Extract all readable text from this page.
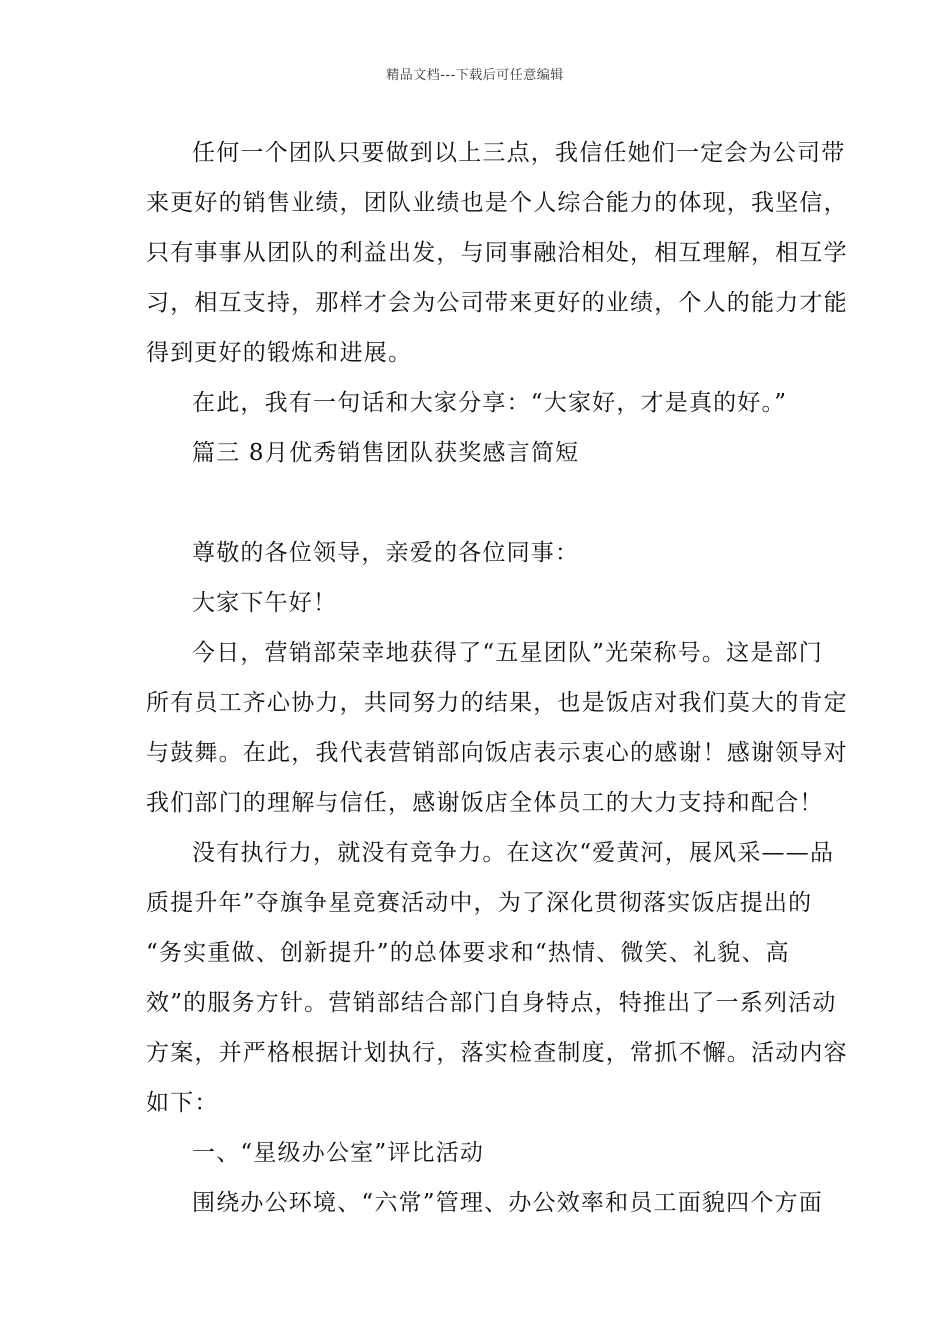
精品文档---下载后可任意编辑
任何一个团队只要做到以上三点，我信任她们一定会为公司带
来更好的销售业绩，团队业绩也是个人综合能力的体现，我坚信，
只有事事从团队的利益出发，与同事融洽相处，相互理解，相互学
习，相互支持，那样才会为公司带来更好的业绩，个人的能力才能
得到更好的锻炼和进展。
在此，我有一句话和大家分享：“大家好，才是真的好。”
篇三 8月优秀销售团队获奖感言简短
尊敬的各位领导，亲爱的各位同事：
大家下午好！
今日，营销部荣幸地获得了“五星团队”光荣称号。这是部门
所有员工齐心协力，共同努力的结果，也是饭店对我们莫大的肯定
与鼓舞。在此，我代表营销部向饭店表示衷心的感谢！感谢领导对
我们部门的理解与信任，感谢饭店全体员工的大力支持和配合！
没有执行力，就没有竞争力。在这次“爱黄河，展风采——品
质提升年”夺旗争星竞赛活动中，为了深化贯彻落实饭店提出的
“务实重做、创新提升”的总体要求和“热情、微笑、礼貌、高
效”的服务方针。营销部结合部门自身特点，特推出了一系列活动
方案，并严格根据计划执行，落实检查制度，常抓不懈。活动内容
如下：
一、“星级办公室”评比活动
围绕办公环境、“六常”管理、办公效率和员工面貌四个方面
